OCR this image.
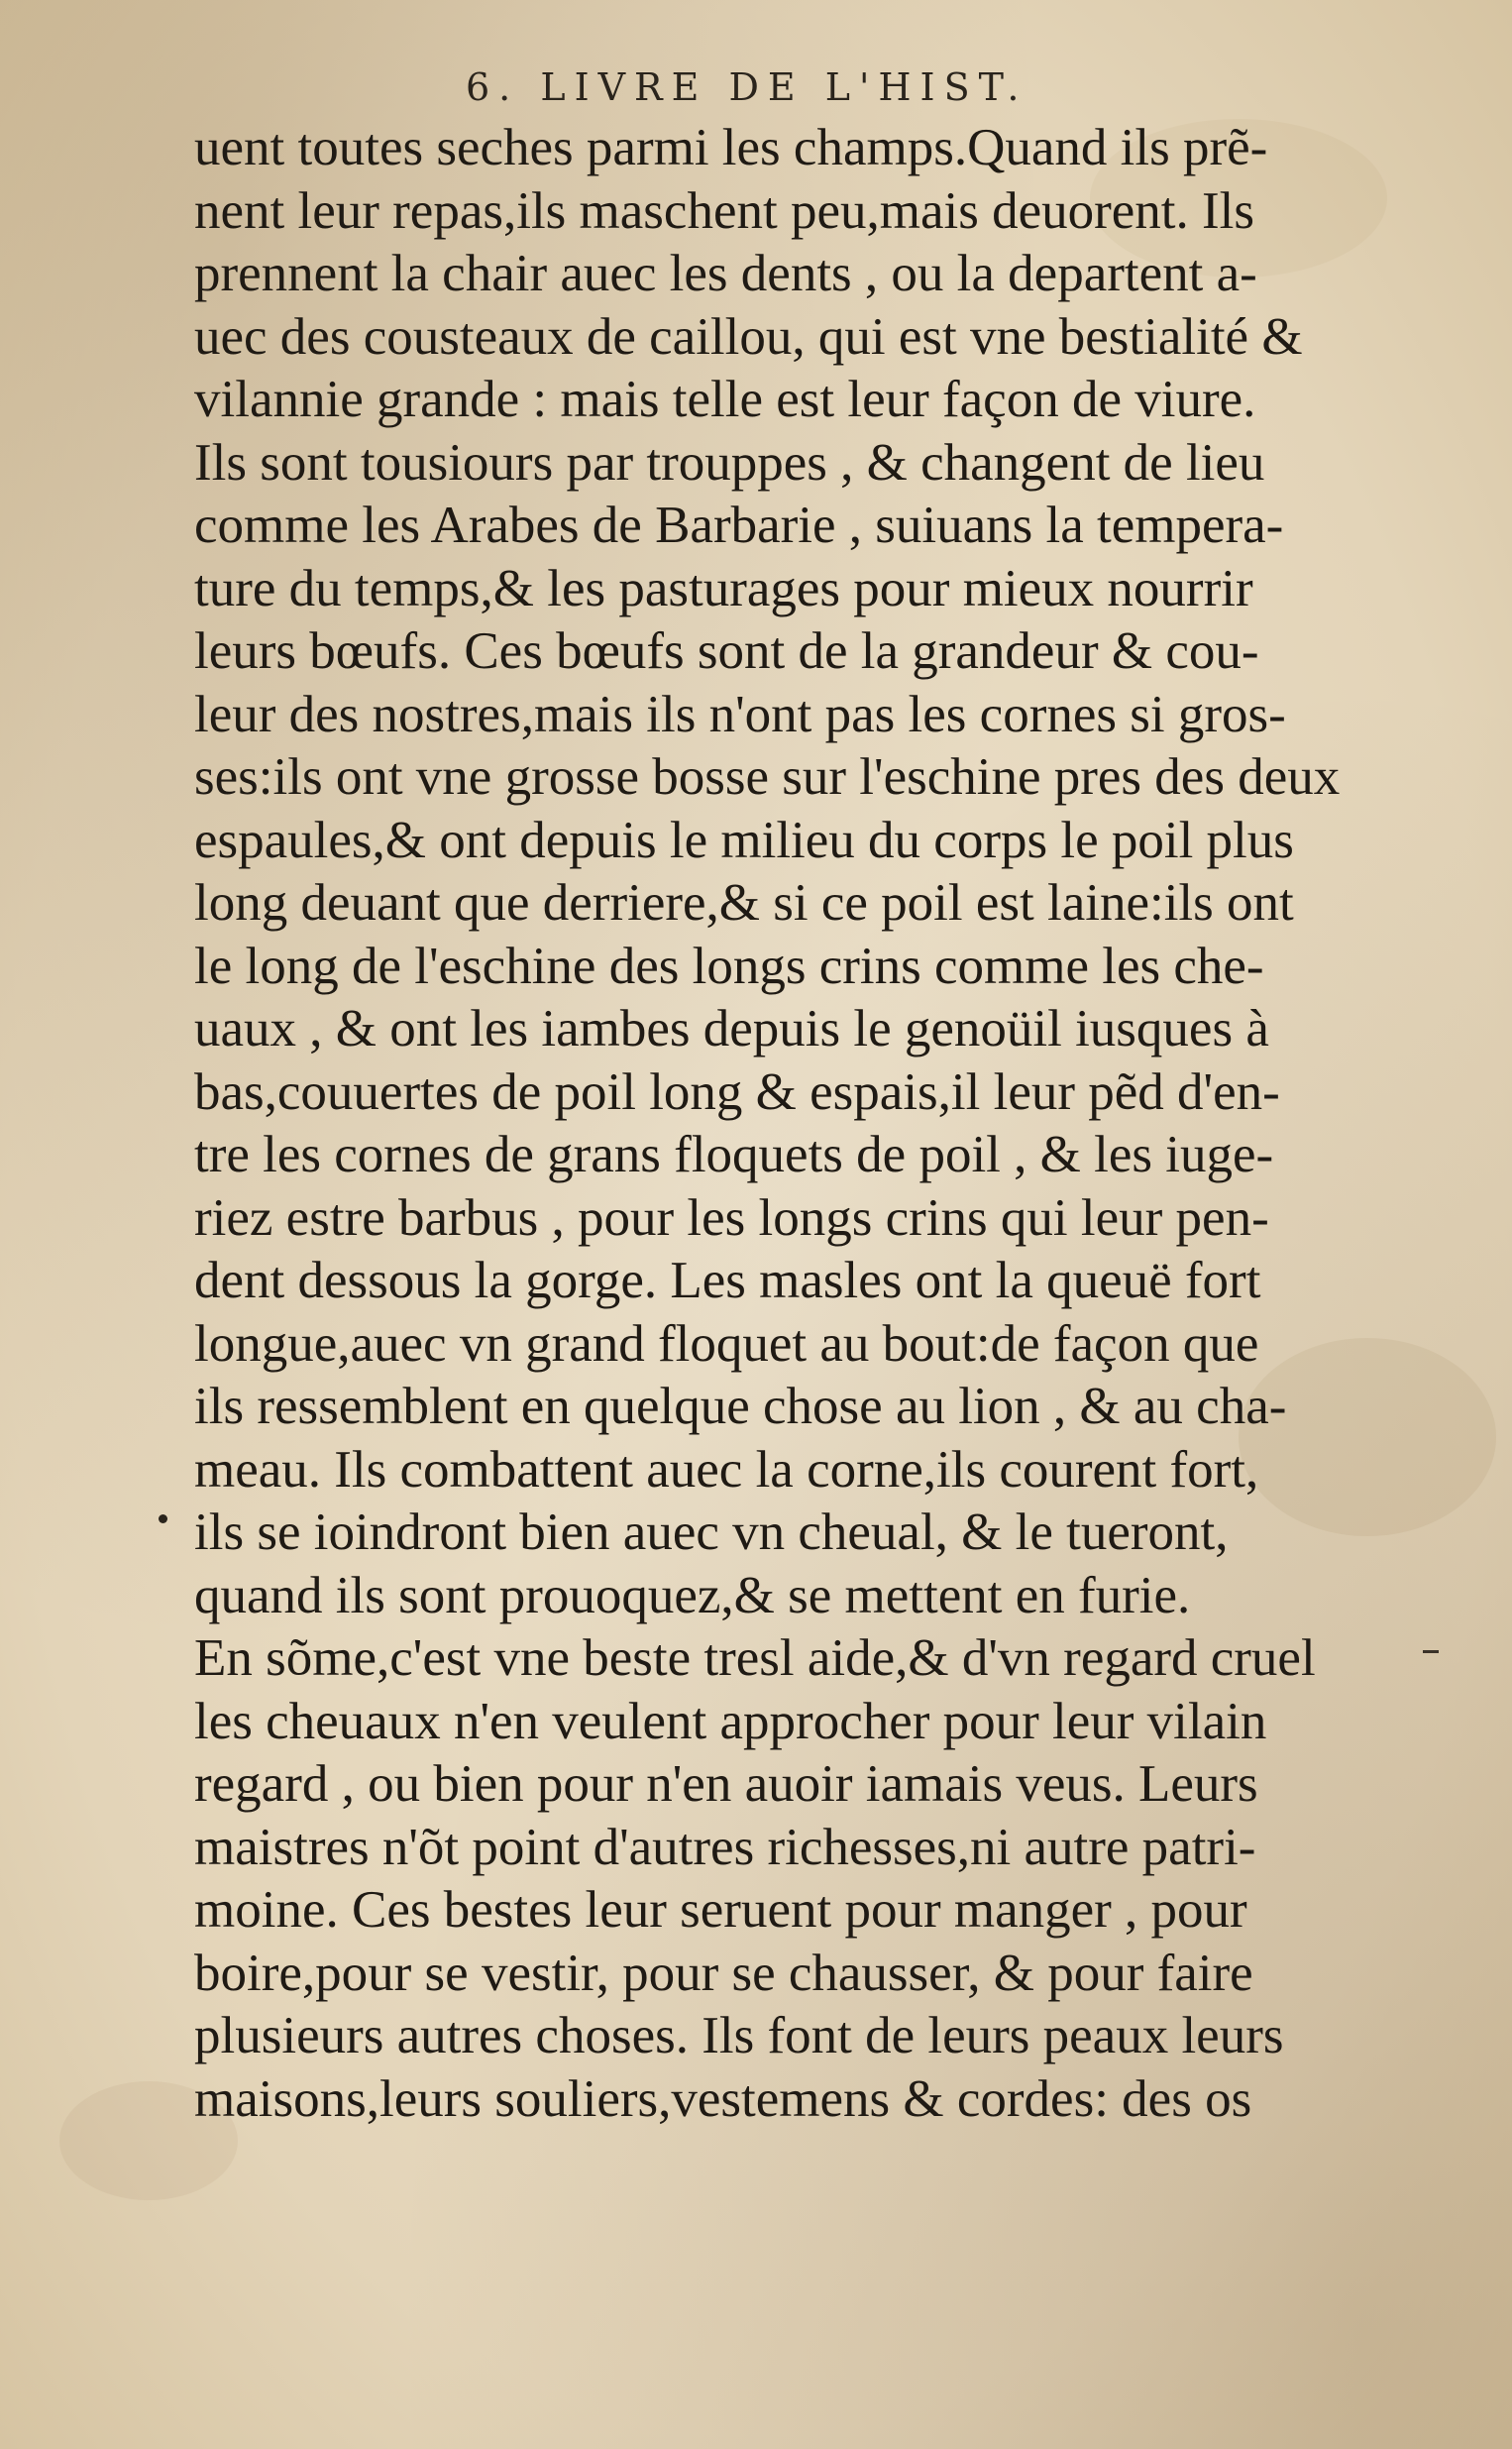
6. LIVRE DE L'HIST.
uent toutes seches parmi les champs.Quand ils prẽ-
nent leur repas,ils maschent peu,mais deuorent. Ils
prennent la chair auec les dents , ou la departent a-
uec des cousteaux de caillou, qui est vne bestialité &
vilannie grande : mais telle est leur façon de viure.
Ils sont tousiours par trouppes , & changent de lieu
comme les Arabes de Barbarie , suiuans la tempera-
ture du temps,& les pasturages pour mieux nourrir
leurs bœufs. Ces bœufs sont de la grandeur & cou-
leur des nostres,mais ils n'ont pas les cornes si gros-
ses:ils ont vne grosse bosse sur l'eschine pres des deux
espaules,& ont depuis le milieu du corps le poil plus
long deuant que derriere,& si ce poil est laine:ils ont
le long de l'eschine des longs crins comme les che-
uaux , & ont les iambes depuis le genoüil iusques à
bas,couuertes de poil long & espais,il leur pẽd d'en-
tre les cornes de grans floquets de poil , & les iuge-
riez estre barbus , pour les longs crins qui leur pen-
dent dessous la gorge. Les masles ont la queuë fort
longue,auec vn grand floquet au bout:de façon que
ils ressemblent en quelque chose au lion , & au cha-
meau. Ils combattent auec la corne,ils courent fort,
ils se ioindront bien auec vn cheual, & le tueront,
quand ils sont prouoquez,& se mettent en furie.
En sõme,c'est vne beste tresl aide,& d'vn regard cruel
les cheuaux n'en veulent approcher pour leur vilain
regard , ou bien pour n'en auoir iamais veus. Leurs
maistres n'õt point d'autres richesses,ni autre patri-
moine. Ces bestes leur seruent pour manger , pour
boire,pour se vestir, pour se chausser, & pour faire
plusieurs autres choses. Ils font de leurs peaux leurs
maisons,leurs souliers,vestemens & cordes: des os
